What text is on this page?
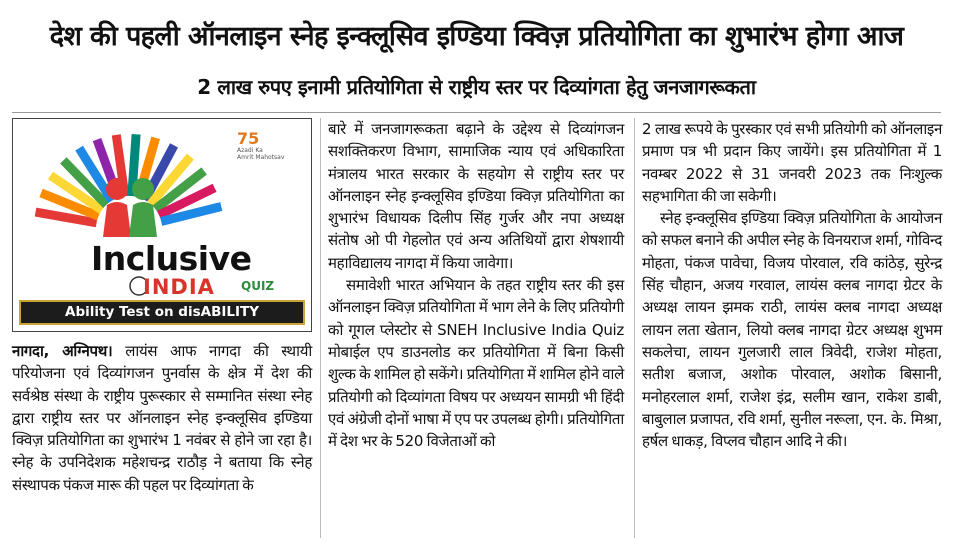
देश की पहली ऑनलाइन स्नेह इन्क्लूसिव इण्डिया क्विज़ प्रतियोगिता का शुभारंभ होगा आज
2 लाख रुपए इनामी प्रतियोगिता से राष्ट्रीय स्तर पर दिव्यांगता हेतु जनजागरूकता
75
Azadi Ka
Amrit Mahotsav
Inclusive
INDIA QUIZ
Ability Test on disABILITY

नागदा, अग्निपथ। लायंस आफ नागदा की स्थायी परियोजना एवं दिव्यांगजन पुनर्वास के क्षेत्र में देश की सर्वश्रेष्ठ संस्था के राष्ट्रीय पुरूस्कार से सम्मानित संस्था स्नेह द्वारा राष्ट्रीय स्तर पर ऑनलाइन स्नेह इन्क्लूसिव इण्डिया क्विज़ प्रतियोगिता का शुभारंभ 1 नवंबर से होने जा रहा है। स्नेह के उपनिदेशक महेशचन्द्र राठौड़ ने बताया कि स्नेह संस्थापक पंकज मारू की पहल पर दिव्यांगता के

बारे में जनजागरूकता बढ़ाने के उद्देश्य से दिव्यांगजन सशक्तिकरण विभाग, सामाजिक न्याय एवं अधिकारिता मंत्रालय भारत सरकार के सहयोग से राष्ट्रीय स्तर पर ऑनलाइन स्नेह इन्क्लूसिव इण्डिया क्विज़ प्रतियोगिता का शुभारंभ विधायक दिलीप सिंह गुर्जर और नपा अध्यक्ष संतोष ओ पी गेहलोत एवं अन्य अतिथियों द्वारा शेषशायी महाविद्यालय नागदा में किया जावेगा।

समावेशी भारत अभियान के तहत राष्ट्रीय स्तर की इस ऑनलाइन क्विज़ प्रतियोगिता में भाग लेने के लिए प्रतियोगी को गूगल प्लेस्टोर से SNEH Inclusive India Quiz मोबाईल एप डाउनलोड कर प्रतियोगिता में बिना किसी शुल्क के शामिल हो सकेंगे। प्रतियोगिता में शामिल होने वाले प्रतियोगी को दिव्यांगता विषय पर अध्ययन सामग्री भी हिंदी एवं अंग्रेजी दोनों भाषा में एप पर उपलब्ध होगी। प्रतियोगिता में देश भर के 520 विजेताओं को

2 लाख रूपये के पुरस्कार एवं सभी प्रतियोगी को ऑनलाइन प्रमाण पत्र भी प्रदान किए जायेंगे। इस प्रतियोगिता में 1 नवम्बर 2022 से 31 जनवरी 2023 तक निःशुल्क सहभागिता की जा सकेगी।

स्नेह इन्क्लूसिव इण्डिया क्विज़ प्रतियोगिता के आयोजन को सफल बनाने की अपील स्नेह के विनयराज शर्मा, गोविन्द मोहता, पंकज पावेचा, विजय पोरवाल, रवि कांठेड़, सुरेन्द्र सिंह चौहान, अजय गरवाल, लायंस क्लब नागदा ग्रेटर के अध्यक्ष लायन झमक राठी, लायंस क्लब नागदा अध्यक्ष लायन लता खेतान, लियो क्लब नागदा ग्रेटर अध्यक्ष शुभम सकलेचा, लायन गुलजारी लाल त्रिवेदी, राजेश मोहता, सतीश बजाज, अशोक पोरवाल, अशोक बिसानी, मनोहरलाल शर्मा, राजेश इंद्र, सलीम खान, राकेश डाबी, बाबुलाल प्रजापत, रवि शर्मा, सुनील नरूला, एन. के. मिश्रा, हर्षल धाकड़, विप्लव चौहान आदि ने की।
